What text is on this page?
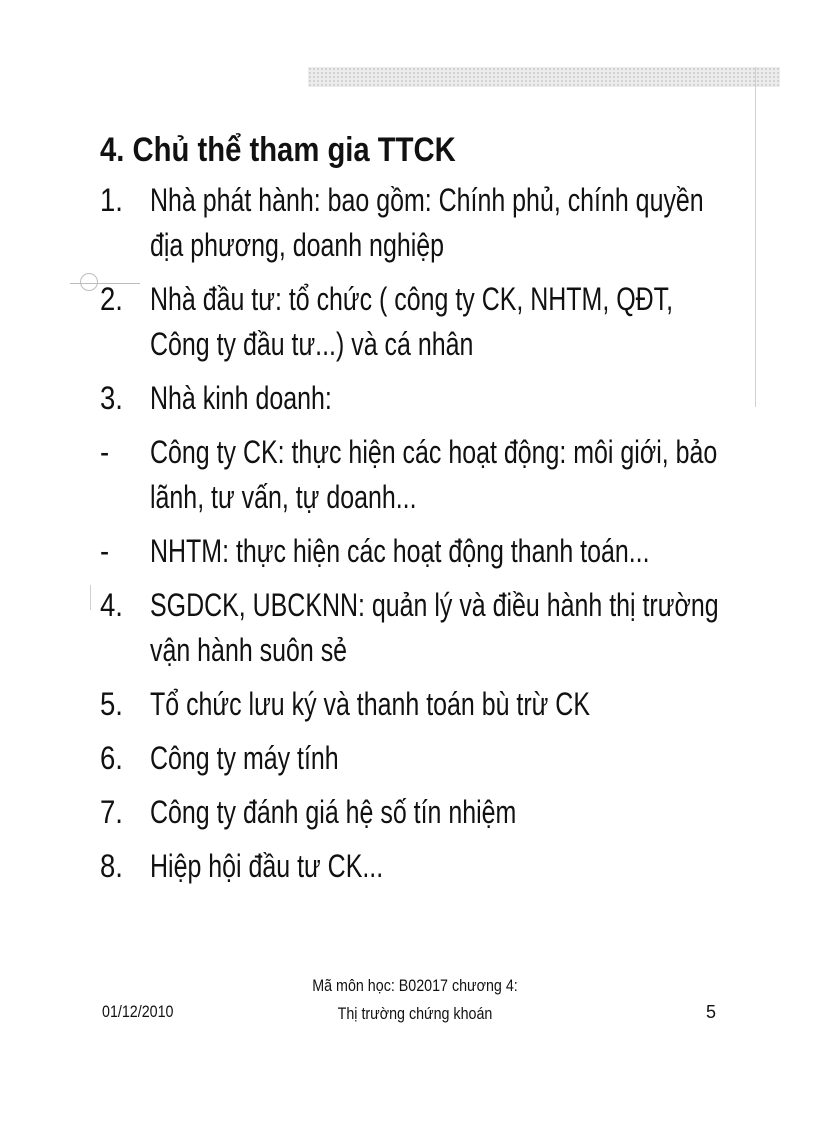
4. Chủ thể tham gia TTCK
1. Nhà phát hành: bao gồm: Chính phủ, chính quyền
địa phương, doanh nghiệp
2. Nhà đầu tư: tổ chức ( công ty CK, NHTM, QĐT,
Công ty đầu tư...) và cá nhân
3. Nhà kinh doanh:
-	Công ty CK: thực hiện các hoạt động: môi giới, bảo
lãnh, tư vấn, tự doanh...
-	NHTM: thực hiện các hoạt động thanh toán...
4. SGDCK, UBCKNN: quản lý và điều hành thị trường
vận hành suôn sẻ
5. Tổ chức lưu ký và thanh toán bù trừ CK
6. Công ty máy tính
7. Công ty đánh giá hệ số tín nhiệm
8. Hiệp hội đầu tư CK...
01/12/2010
Mã môn học: B02017 chương 4:
Thị trường chứng khoán	5
